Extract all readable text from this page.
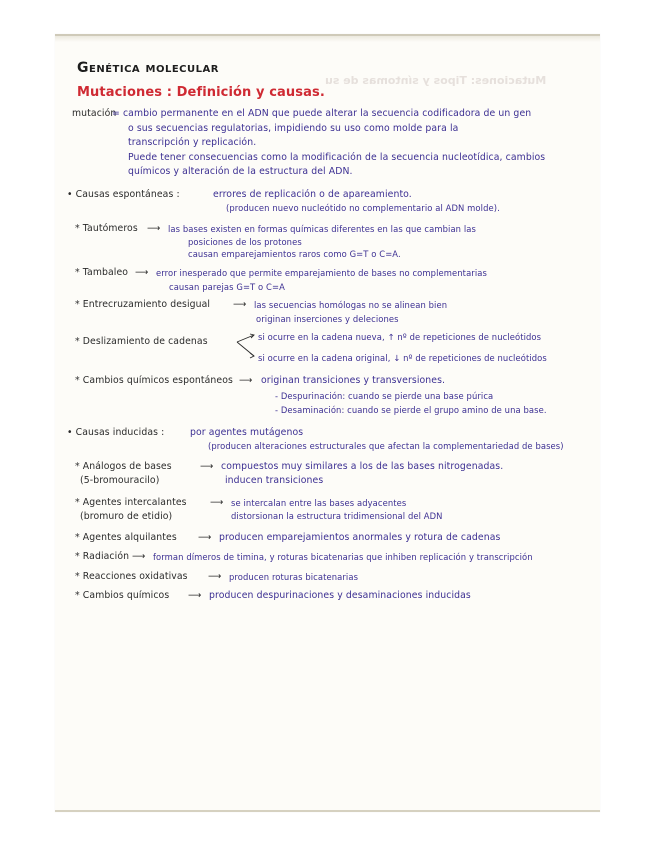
Mutaciones: Tipos y síntomas de su
Genética molecular
Mutaciones : Definición y causas.
mutación
= cambio permanente en el ADN que puede alterar la secuencia codificadora de un gen
o sus secuencias regulatorias, impidiendo su uso como molde para la
transcripción y replicación.
Puede tener consecuencias como la modificación de la secuencia nucleotídica, cambios
químicos y alteración de la estructura del ADN.
• Causas espontáneas :	errores de replicación o de apareamiento.
(producen nuevo nucleótido no complementario al ADN molde).
* Tautómeros ⟶ las bases existen en formas químicas diferentes en las que cambian las
posiciones de los protones
causan emparejamientos raros como G=T o C=A.
* Tambaleo ⟶ error inesperado que permite emparejamiento de bases no complementarias
causan parejas G=T o C=A
* Entrecruzamiento desigual ⟶ las secuencias homólogas no se alinean bien
originan inserciones y deleciones
* Deslizamiento de cadenas	si ocurre en la cadena nueva, ↑ nº de repeticiones de nucleótidos
si ocurre en la cadena original, ↓ nº de repeticiones de nucleótidos
* Cambios químicos espontáneos ⟶ originan transiciones y transversiones.
- Despurinación: cuando se pierde una base púrica
- Desaminación: cuando se pierde el grupo amino de una base.
• Causas inducidas :	por agentes mutágenos
(producen alteraciones estructurales que afectan la complementariedad de bases)
* Análogos de bases
(5-bromouracilo)
⟶ compuestos muy similares a los de las bases nitrogenadas.
inducen transiciones
* Agentes intercalantes
(bromuro de etidio)
⟶ se intercalan entre las bases adyacentes
distorsionan la estructura tridimensional del ADN
* Agentes alquilantes ⟶ producen emparejamientos anormales y rotura de cadenas
* Radiación ⟶ forman dímeros de timina, y roturas bicatenarias que inhiben replicación y transcripción
* Reacciones oxidativas ⟶ producen roturas bicatenarias
* Cambios químicos ⟶ producen despurinaciones y desaminaciones inducidas
